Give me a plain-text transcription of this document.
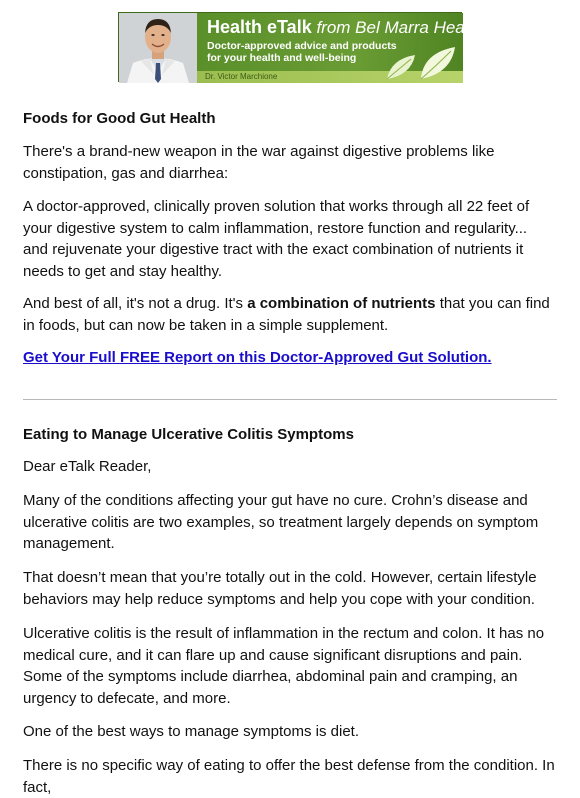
Health eTalk from Bel Marra Health
Doctor-approved advice and products for your health and well-being
Dr. Victor Marchione
Foods for Good Gut Health

There's a brand-new weapon in the war against digestive problems like constipation, gas and diarrhea:

A doctor-approved, clinically proven solution that works through all 22 feet of your digestive system to calm inflammation, restore function and regularity... and rejuvenate your digestive tract with the exact combination of nutrients it needs to get and stay healthy.

And best of all, it's not a drug. It's a combination of nutrients that you can find in foods, but can now be taken in a simple supplement.

Get Your Full FREE Report on this Doctor-Approved Gut Solution.
Eating to Manage Ulcerative Colitis Symptoms

Dear eTalk Reader,

Many of the conditions affecting your gut have no cure. Crohn’s disease and ulcerative colitis are two examples, so treatment largely depends on symptom management.

That doesn’t mean that you’re totally out in the cold. However, certain lifestyle behaviors may help reduce symptoms and help you cope with your condition.

Ulcerative colitis is the result of inflammation in the rectum and colon. It has no medical cure, and it can flare up and cause significant disruptions and pain. Some of the symptoms include diarrhea, abdominal pain and cramping, an urgency to defecate, and more.

One of the best ways to manage symptoms is diet.

There is no specific way of eating to offer the best defense from the condition. In fact,
